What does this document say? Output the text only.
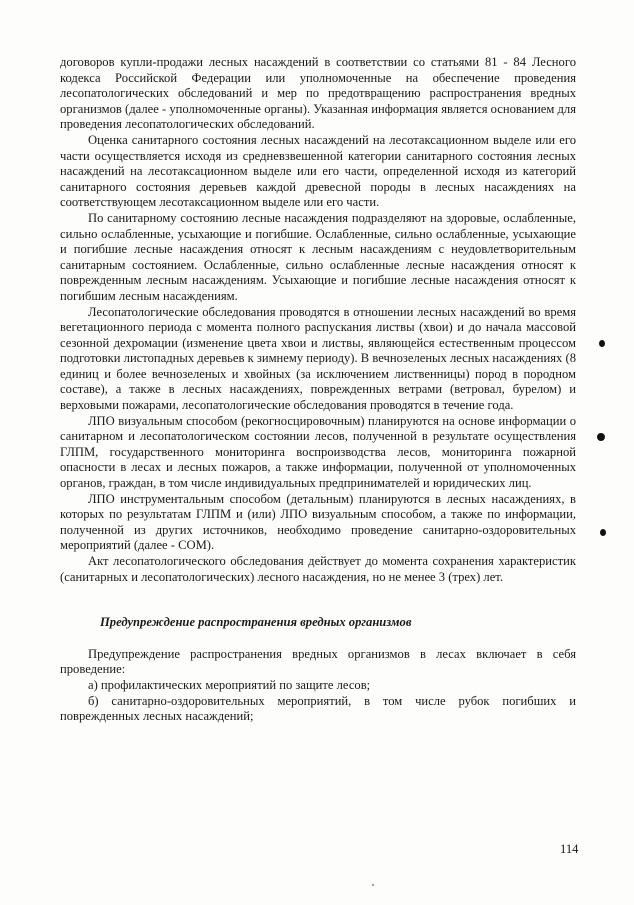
договоров купли-продажи лесных насаждений в соответствии со статьями 81 - 84 Лесного кодекса Российской Федерации или уполномоченные на обеспечение проведения лесопатологических обследований и мер по предотвращению распространения вредных организмов (далее - уполномоченные органы). Указанная информация является основанием для проведения лесопатологических обследований.

Оценка санитарного состояния лесных насаждений на лесотаксационном выделе или его части осуществляется исходя из средневзвешенной категории санитарного состояния лесных насаждений на лесотаксационном выделе или его части, определенной исходя из категорий санитарного состояния деревьев каждой древесной породы в лесных насаждениях на соответствующем лесотаксационном выделе или его части.

По санитарному состоянию лесные насаждения подразделяют на здоровые, ослабленные, сильно ослабленные, усыхающие и погибшие. Ослабленные, сильно ослабленные, усыхающие и погибшие лесные насаждения относят к лесным насаждениям с неудовлетворительным санитарным состоянием. Ослабленные, сильно ослабленные лесные насаждения относят к поврежденным лесным насаждениям. Усыхающие и погибшие лесные насаждения относят к погибшим лесным насаждениям.

Лесопатологические обследования проводятся в отношении лесных насаждений во время вегетационного периода с момента полного распускания листвы (хвои) и до начала массовой сезонной дехромации (изменение цвета хвои и листвы, являющейся естественным процессом подготовки листопадных деревьев к зимнему периоду). В вечнозеленых лесных насаждениях (8 единиц и более вечнозеленых и хвойных (за исключением лиственницы) пород в породном составе), а также в лесных насаждениях, поврежденных ветрами (ветровал, бурелом) и верховыми пожарами, лесопатологические обследования проводятся в течение года.

ЛПО визуальным способом (рекогносцировочным) планируются на основе информации о санитарном и лесопатологическом состоянии лесов, полученной в результате осуществления ГЛПМ, государственного мониторинга воспроизводства лесов, мониторинга пожарной опасности в лесах и лесных пожаров, а также информации, полученной от уполномоченных органов, граждан, в том числе индивидуальных предпринимателей и юридических лиц.

ЛПО инструментальным способом (детальным) планируются в лесных насаждениях, в которых по результатам ГЛПМ и (или) ЛПО визуальным способом, а также по информации, полученной из других источников, необходимо проведение санитарно-оздоровительных мероприятий (далее - СОМ).

Акт лесопатологического обследования действует до момента сохранения характеристик (санитарных и лесопатологических) лесного насаждения, но не менее 3 (трех) лет.

Предупреждение распространения вредных организмов

Предупреждение распространения вредных организмов в лесах включает в себя проведение:

а) профилактических мероприятий по защите лесов;

б) санитарно-оздоровительных мероприятий, в том числе рубок погибших и поврежденных лесных насаждений;

114
